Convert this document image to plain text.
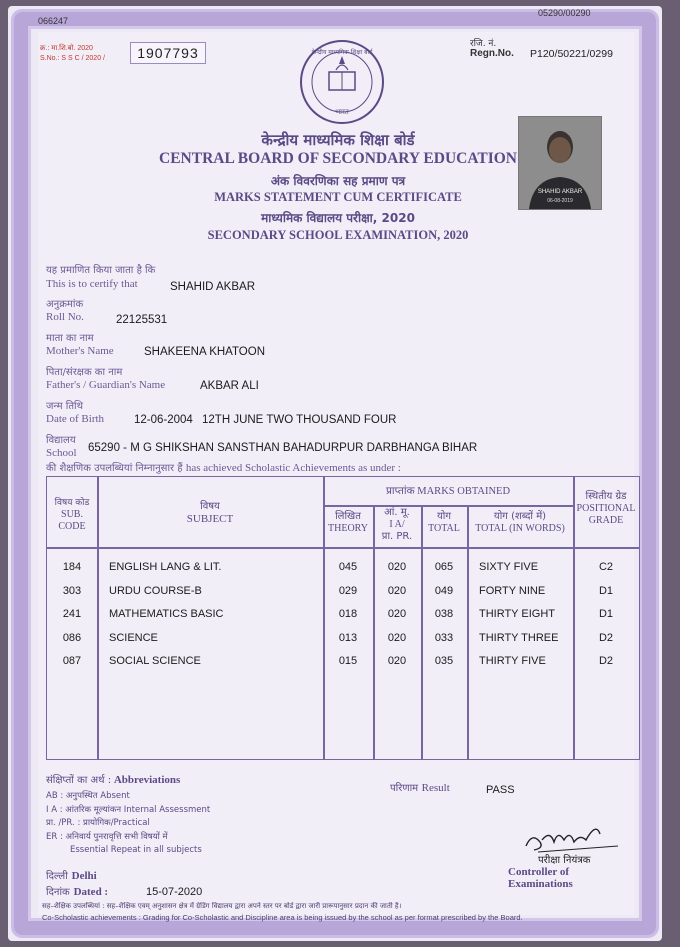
066247
05290/00290
क्र.: मा.शि.बो. 2020
S.No.: S S C / 2020 /	1907793	केन्द्रीय माध्यमिक शिक्षा बोर्ड
भारत
रजि. नं.
Regn.No. P120/50221/0299
केन्द्रीय माध्यमिक शिक्षा बोर्ड
CENTRAL BOARD OF SECONDARY EDUCATION
अंक विवरणिका सह प्रमाण पत्र
MARKS STATEMENT CUM CERTIFICATE
माध्यमिक विद्यालय परीक्षा, 2020
SECONDARY SCHOOL EXAMINATION, 2020
SHAHID AKBAR
06-08-2019
यह प्रमाणित किया जाता है कि
This is to certify that	SHAHID AKBAR
अनुक्रमांक
Roll No.	22125531
माता का नाम
Mother's Name	SHAKEENA KHATOON
पिता/संरक्षक का नाम
Father's / Guardian's Name	AKBAR ALI
जन्म तिथि
Date of Birth	12-06-2004 12TH JUNE TWO THOUSAND FOUR
विद्यालय
School 65290 - M G SHIKSHAN SANSTHAN BAHADURPUR DARBHANGA BIHAR
की शैक्षणिक उपलब्धियां निम्नानुसार हैं has achieved Scholastic Achievements as under :
विषय कोड
SUB. CODE
विषय
SUBJECT
प्राप्तांक MARKS OBTAINED
लिखित
THEORY
आं. मू.
I A/
प्रा. PR.
योग
TOTAL
योग (शब्दों में)
TOTAL (IN WORDS)
स्थितीय ग्रेड
POSITIONAL GRADE
184	ENGLISH LANG & LIT.	045	020	065	SIXTY FIVE	C2
303	URDU COURSE-B	029	020	049	FORTY NINE	D1
241	MATHEMATICS BASIC	018	020	038	THIRTY EIGHT	D1
086	SCIENCE	013	020	033	THIRTY THREE	D2
087	SOCIAL SCIENCE	015	020	035	THIRTY FIVE	D2
संक्षिप्तों का अर्थ : Abbreviations
AB : अनुपस्थित Absent
I A : आंतरिक मूल्यांकन Internal Assessment
प्रा. /PR. : प्रायोगिक/Practical
ER : अनिवार्य पुनरावृत्ति सभी विषयों में
Essential Repeat in all subjects
परिणाम Result	PASS
परीक्षा नियंत्रक
Controller of Examinations
दिल्ली Delhi
दिनांक Dated :	15-07-2020
सह–शैक्षिक उपलब्धियां : सह–शैक्षिक एवम् अनुशासन क्षेत्र में ग्रेडिंग विद्यालय द्वारा अपने स्तर पर बोर्ड द्वारा जारी प्रारूपानुसार प्रदान की जाती है।
Co-Scholastic achievements : Grading for Co-Scholastic and Discipline area is being issued by the school as per format prescribed by the Board.
